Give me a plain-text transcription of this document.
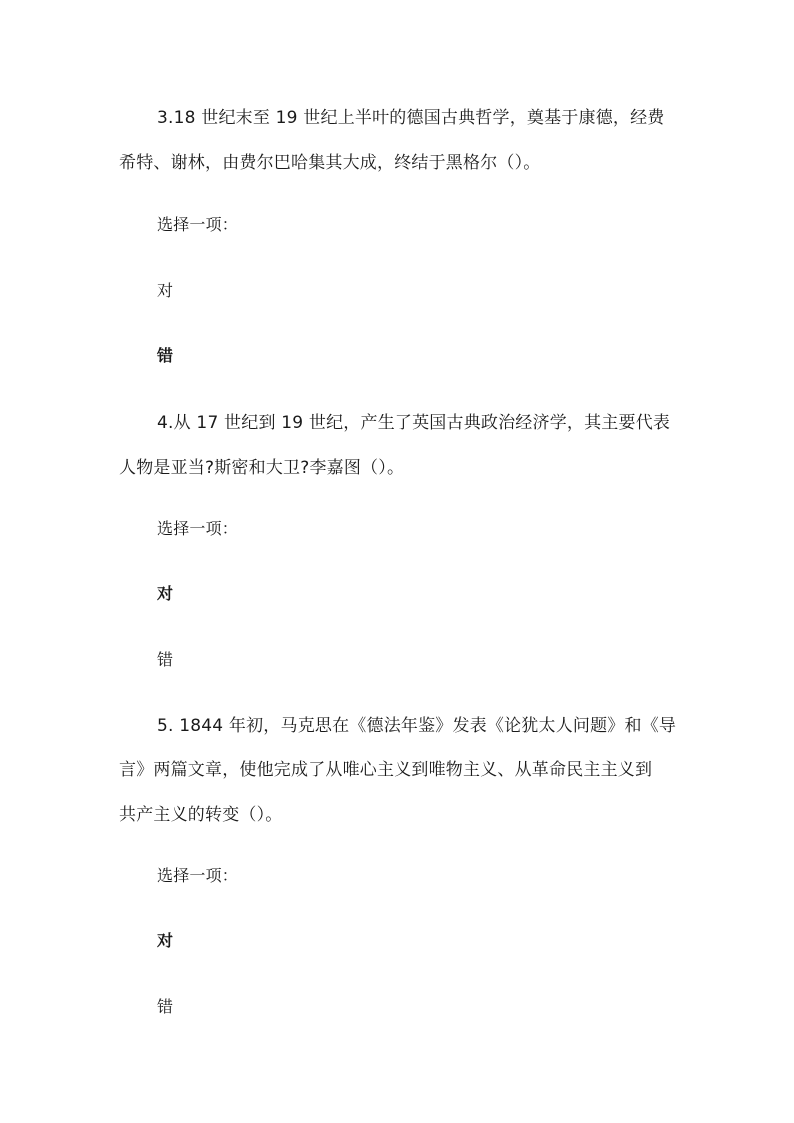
3.18 世纪末至 19 世纪上半叶的德国古典哲学，奠基于康德，经费
希特、谢林，由费尔巴哈集其大成，终结于黑格尔（）。
选择一项：
对
错
4.从 17 世纪到 19 世纪，产生了英国古典政治经济学，其主要代表
人物是亚当?斯密和大卫?李嘉图（）。
选择一项：
对
错
5. 1844 年初，马克思在《德法年鉴》发表《论犹太人问题》和《导
言》两篇文章，使他完成了从唯心主义到唯物主义、从革命民主主义到
共产主义的转变（）。
选择一项：
对
错
